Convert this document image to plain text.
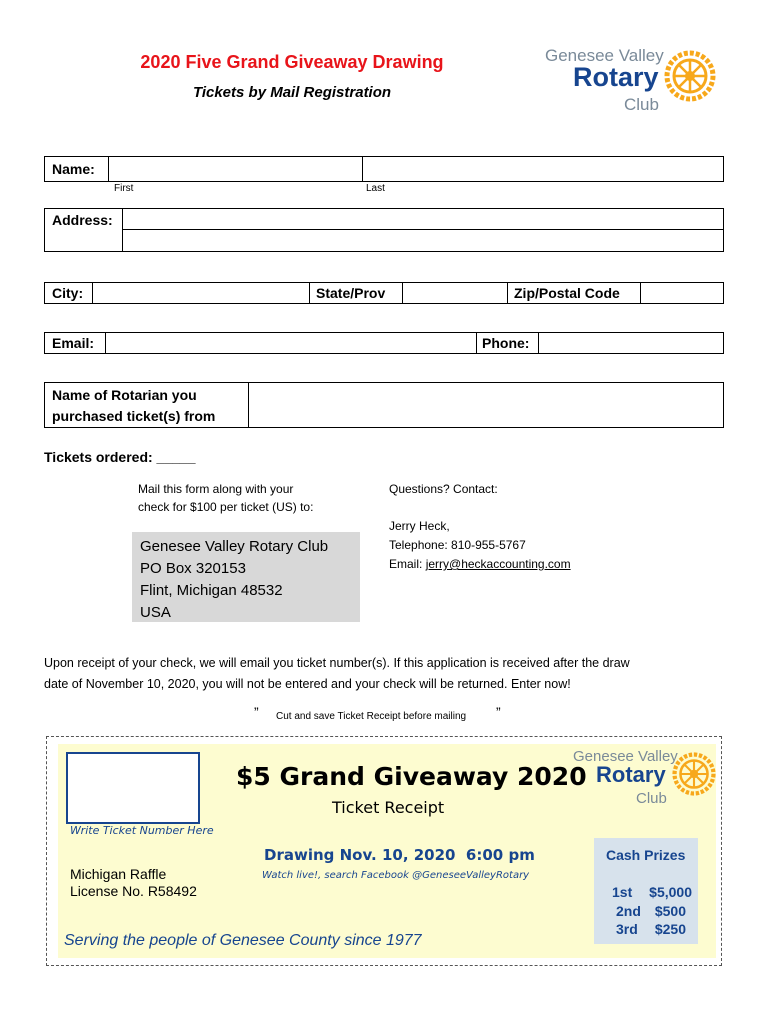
2020 Five Grand Giveaway Drawing
Tickets by Mail Registration
Genesee Valley
Rotary
Club
Name:
First	Last
Address:
City:	State/Prov	Zip/Postal Code
Email:	Phone:
Name of Rotarian you
purchased ticket(s) from
Tickets ordered: _____
Mail this form along with your
check for $100 per ticket (US) to:
Genesee Valley Rotary Club
PO Box 320153
Flint, Michigan 48532
USA
Questions? Contact:
Jerry Heck,
Telephone: 810-955-5767
Email: jerry@heckaccounting.com
Upon receipt of your check, we will email you ticket number(s). If this application is received after the draw
date of November 10, 2020, you will not be entered and your check will be returned. Enter now!
” Cut and save Ticket Receipt before mailing ”
Write Ticket Number Here
$5 Grand Giveaway 2020
Ticket Receipt
Genesee Valley
Rotary
Club
Drawing Nov. 10, 2020  6:00 pm
Watch live!, search Facebook @GeneseeValleyRotary
Michigan Raffle
License No. R58492
Serving the people of Genesee County since 1977
Cash Prizes
1st $5,000
2nd $500
3rd $250
